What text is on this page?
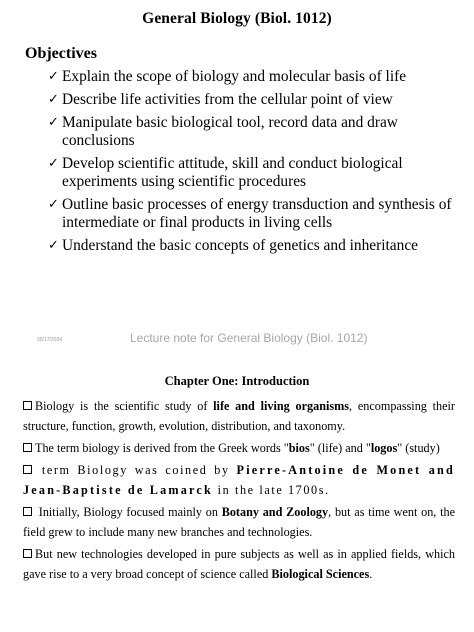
General Biology (Biol. 1012)
Objectives
✓ Explain the scope of biology and molecular basis of life
✓ Describe life activities from the cellular point of view
✓ Manipulate basic biological tool, record data and draw conclusions
✓ Develop scientific attitude, skill and conduct biological experiments using scientific procedures
✓ Outline basic processes of energy transduction and synthesis of intermediate or final products in living cells
✓ Understand the basic concepts of genetics and inheritance
05/17/2024	Lecture note for General Biology (Biol. 1012)
Chapter One: Introduction
Biology is the scientific study of life and living organisms, encompassing their structure, function, growth, evolution, distribution, and taxonomy.
The term biology is derived from the Greek words "bios" (life) and "logos" (study)
term Biology was coined by Pierre-Antoine de Monet and Jean-Baptiste de Lamarck in the late 1700s.
Initially, Biology focused mainly on Botany and Zoology, but as time went on, the field grew to include many new branches and technologies.
But new technologies developed in pure subjects as well as in applied fields, which gave rise to a very broad concept of science called Biological Sciences.
